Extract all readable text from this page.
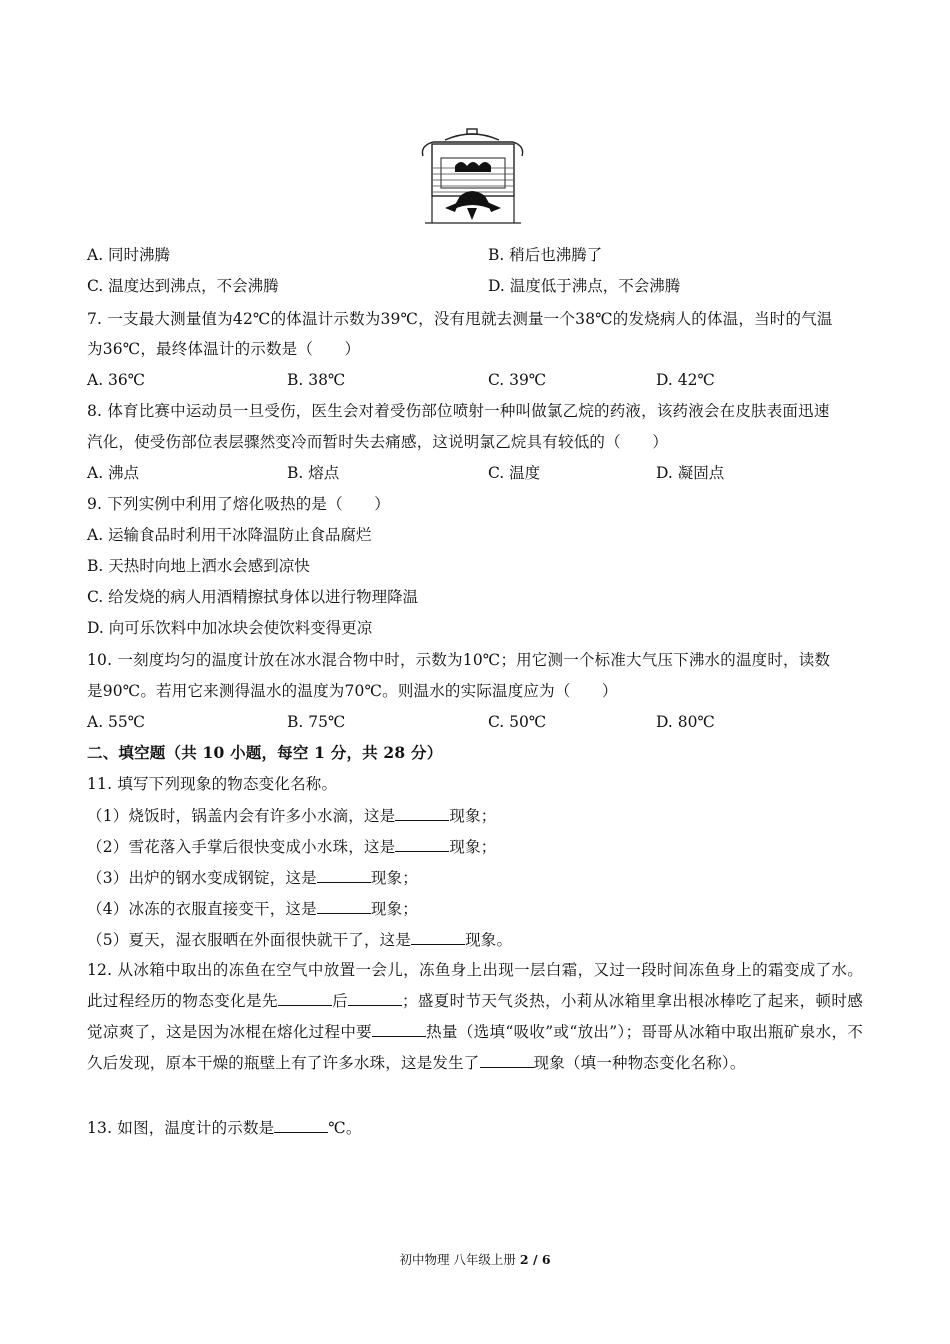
A. 同时沸腾	B. 稍后也沸腾了
C. 温度达到沸点，不会沸腾	D. 温度低于沸点，不会沸腾
7. 一支最大测量值为42℃的体温计示数为39℃，没有甩就去测量一个38℃的发烧病人的体温，当时的气温
为36℃，最终体温计的示数是（　　）
A. 36℃	B. 38℃	C. 39℃	D. 42℃
8. 体育比赛中运动员一旦受伤，医生会对着受伤部位喷射一种叫做氯乙烷的药液，该药液会在皮肤表面迅速
汽化，使受伤部位表层骤然变冷而暂时失去痛感，这说明氯乙烷具有较低的（　　）
A. 沸点	B. 熔点	C. 温度	D. 凝固点
9. 下列实例中利用了熔化吸热的是（　　）
A. 运输食品时利用干冰降温防止食品腐烂
B. 天热时向地上洒水会感到凉快
C. 给发烧的病人用酒精擦拭身体以进行物理降温
D. 向可乐饮料中加冰块会使饮料变得更凉
10. 一刻度均匀的温度计放在冰水混合物中时，示数为10℃；用它测一个标准大气压下沸水的温度时，读数
是90℃。若用它来测得温水的温度为70℃。则温水的实际温度应为（　　）
A. 55℃	B. 75℃	C. 50℃	D. 80℃
二、填空题（共 10 小题，每空 1 分，共 28 分）
11. 填写下列现象的物态变化名称。
（1）烧饭时，锅盖内会有许多小水滴，这是	现象；
（2）雪花落入手掌后很快变成小水珠，这是	现象；
（3）出炉的钢水变成钢锭，这是	现象；
（4）冰冻的衣服直接变干，这是	现象；
（5）夏天，湿衣服晒在外面很快就干了，这是	现象。
12. 从冰箱中取出的冻鱼在空气中放置一会儿，冻鱼身上出现一层白霜，又过一段时间冻鱼身上的霜变成了水。此过程经历的物态变化是先	后	；盛夏时节天气炎热，小莉从冰箱里拿出根冰棒吃了起来，顿时感觉凉爽了，这是因为冰棍在熔化过程中要	热量（选填“吸收”或“放出”）；哥哥从冰箱中取出瓶矿泉水，不久后发现，原本干燥的瓶壁上有了许多水珠，这是发生了	现象（填一种物态变化名称）。
13. 如图，温度计的示数是	℃。
初中物理 八年级上册 2 / 6
